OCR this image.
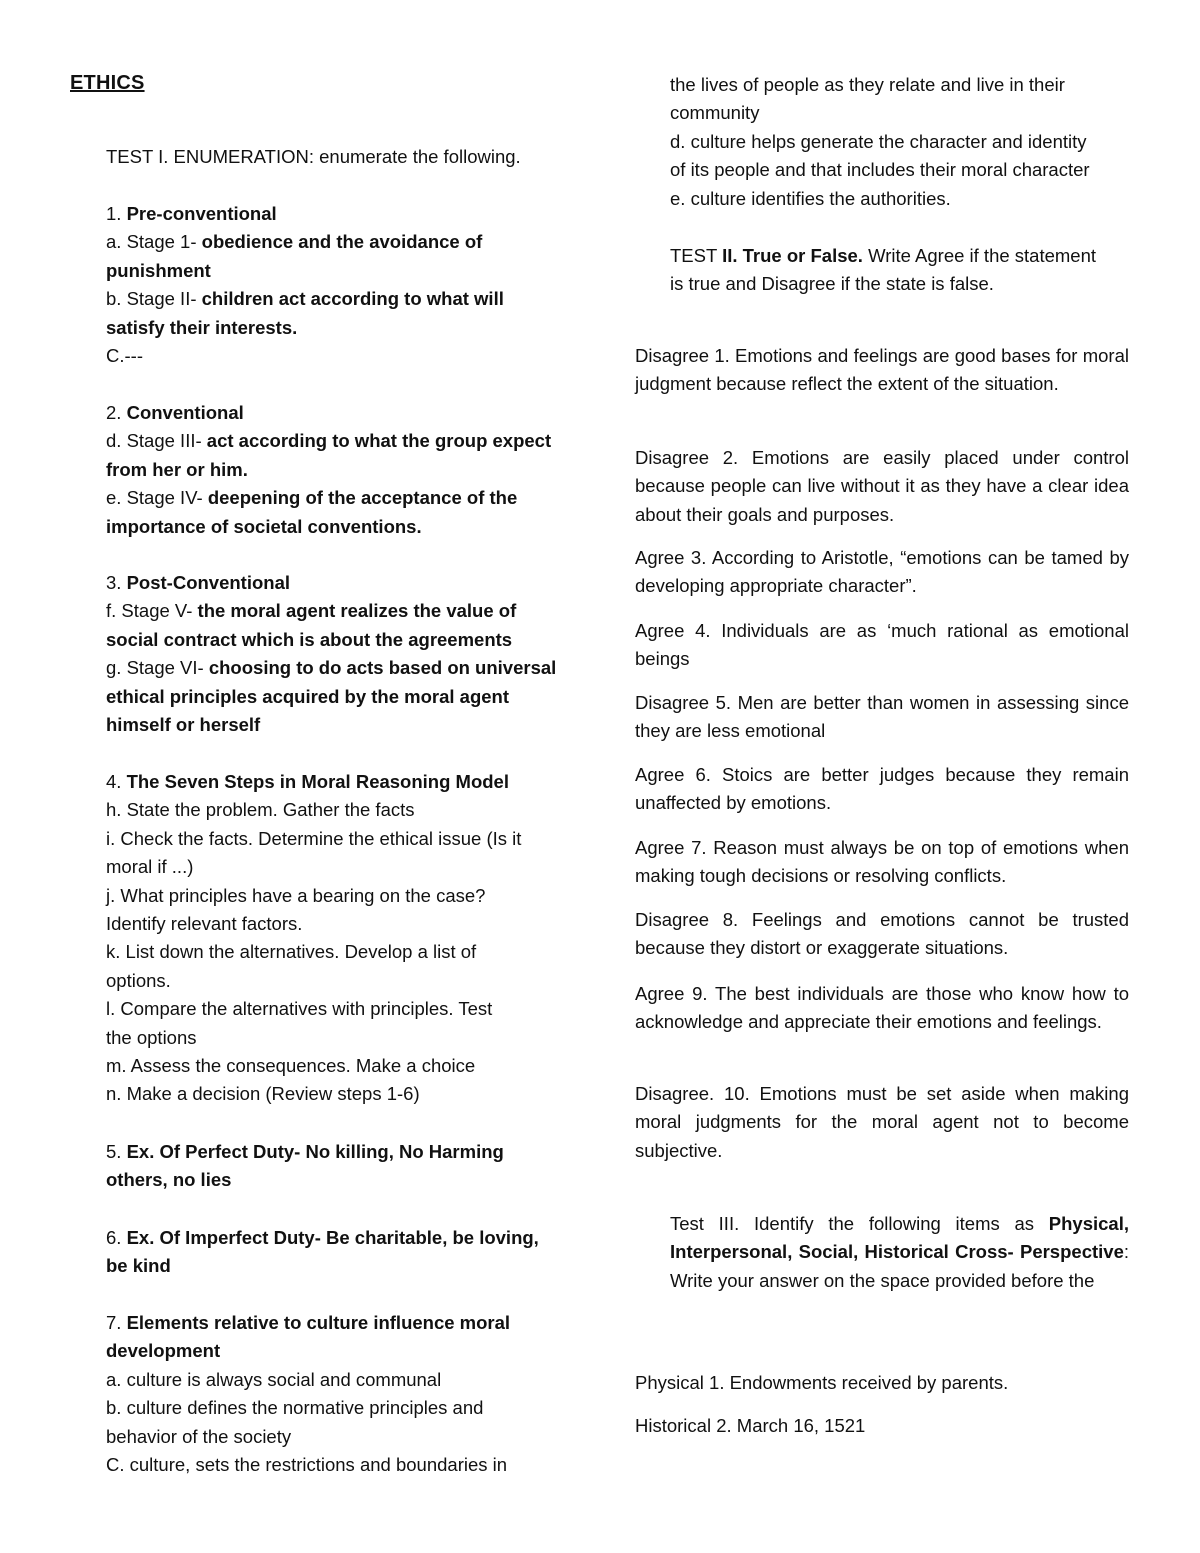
ETHICS
TEST I. ENUMERATION: enumerate the following.
1. Pre-conventional
a. Stage 1- obedience and the avoidance of
punishment
b. Stage II- children act according to what will
satisfy their interests.
C.---
2. Conventional
d. Stage III- act according to what the group expect
from her or him.
e. Stage IV- deepening of the acceptance of the
importance of societal conventions.
3. Post-Conventional
f. Stage V- the moral agent realizes the value of
social contract which is about the agreements
g. Stage VI- choosing to do acts based on universal
ethical principles acquired by the moral agent
himself or herself
4. The Seven Steps in Moral Reasoning Model
h. State the problem. Gather the facts
i. Check the facts. Determine the ethical issue (Is it
moral if ...)
j. What principles have a bearing on the case?
Identify relevant factors.
k. List down the alternatives. Develop a list of
options.
l. Compare the alternatives with principles. Test
the options
m. Assess the consequences. Make a choice
n. Make a decision (Review steps 1-6)
5. Ex. Of Perfect Duty- No killing, No Harming
others, no lies
6. Ex. Of Imperfect Duty- Be charitable, be loving,
be kind
7. Elements relative to culture influence moral
development
a. culture is always social and communal
b. culture defines the normative principles and
behavior of the society
C. culture, sets the restrictions and boundaries in
the lives of people as they relate and live in their
community
d. culture helps generate the character and identity
of its people and that includes their moral character
e. culture identifies the authorities.
TEST II. True or False. Write Agree if the statement
is true and Disagree if the state is false.

Disagree 1. Emotions and feelings are good bases for moral judgment because reflect the extent of the situation.

Disagree 2. Emotions are easily placed under control because people can live without it as they have a clear idea about their goals and purposes.

Agree 3. According to Aristotle, “emotions can be tamed by developing appropriate character”.

Agree 4. Individuals are as ‘much rational as emotional beings

Disagree 5. Men are better than women in assessing since they are less emotional

Agree 6. Stoics are better judges because they remain unaffected by emotions.

Agree 7. Reason must always be on top of emotions when making tough decisions or resolving conflicts.

Disagree 8. Feelings and emotions cannot be trusted because they distort or exaggerate situations.

Agree 9. The best individuals are those who know how to acknowledge and appreciate their emotions and feelings.

Disagree. 10. Emotions must be set aside when making moral judgments for the moral agent not to become subjective.

Test III. Identify the following items as Physical, Interpersonal, Social, Historical Cross- Perspective: Write your answer on the space provided before the

Physical 1. Endowments received by parents.

Historical 2. March 16, 1521
